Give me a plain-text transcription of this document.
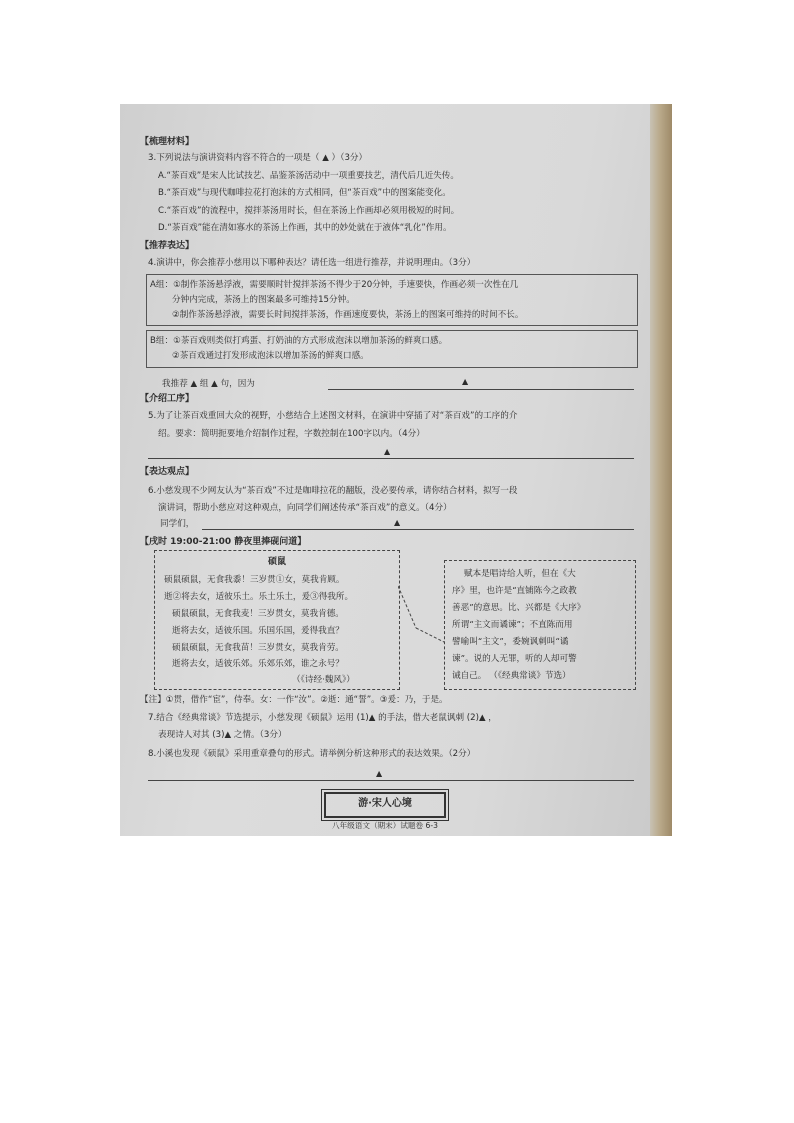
【梳理材料】
3.下列说法与演讲资料内容不符合的一项是（ ▲ ）（3分）
A.“茶百戏”是宋人比试技艺、品鉴茶汤活动中一项重要技艺，清代后几近失传。
B.“茶百戏”与现代咖啡拉花打泡沫的方式相同，但“茶百戏”中的图案能变化。
C.“茶百戏”的流程中，搅拌茶汤用时长，但在茶汤上作画却必须用极短的时间。
D.“茶百戏”能在清如寡水的茶汤上作画，其中的妙处就在于液体“乳化”作用。
【推荐表达】
4.演讲中，你会推荐小慈用以下哪种表达？请任选一组进行推荐，并说明理由。（3分）
A组：①制作茶汤悬浮液，需要顺时针搅拌茶汤不得少于20分钟，手速要快，作画必须一次性在几
分钟内完成，茶汤上的图案最多可维持15分钟。
②制作茶汤悬浮液，需要长时间搅拌茶汤，作画速度要快，茶汤上的图案可维持的时间不长。
B组：①茶百戏则类似打鸡蛋、打奶油的方式形成泡沫以增加茶汤的鲜爽口感。
②茶百戏通过打发形成泡沫以增加茶汤的鲜爽口感。
我推荐 ▲ 组 ▲ 句，因为	▲
【介绍工序】
5.为了让茶百戏重回大众的视野，小慈结合上述图文材料，在演讲中穿插了对“茶百戏”的工序的介
绍。要求：简明扼要地介绍制作过程，字数控制在100字以内。（4分）
▲
【表达观点】
6.小慈发现不少网友认为“茶百戏”不过是咖啡拉花的翻版，没必要传承，请你结合材料，拟写一段
演讲词，帮助小慈应对这种观点，向同学们阐述传承“茶百戏”的意义。（4分）
同学们，	▲
【戌时 19:00-21:00 静夜里捧砚问道】
硕鼠
硕鼠硕鼠，无食我黍！三岁贯①女，莫我肯顾。
逝②将去女，适彼乐土。乐土乐土，爰③得我所。
硕鼠硕鼠，无食我麦！三岁贯女，莫我肯德。
逝将去女，适彼乐国。乐国乐国，爰得我直？
硕鼠硕鼠，无食我苗！三岁贯女，莫我肯劳。
逝将去女，适彼乐郊。乐郊乐郊，谁之永号？
（《诗经·魏风》）
赋本是唱诗给人听，但在《大
序》里，也许是“直铺陈今之政教
善恶”的意思。比、兴都是《大序》
所谓“主文而谲谏”；不直陈而用
譬喻叫“主文”，委婉讽刺叫“谲
谏”。说的人无罪，听的人却可警
诫自己。 （《经典常谈》节选）
【注】①贯，借作“宦”，侍奉。女：一作“汝”。②逝：通“誓”。③爰：乃，于是。
7.结合《经典常谈》节选提示，小慈发现《硕鼠》运用 (1)▲ 的手法，借大老鼠讽刺 (2)▲ ，
表现诗人对其 (3)▲ 之情。（3分）
8.小溪也发现《硕鼠》采用重章叠句的形式。请举例分析这种形式的表达效果。（2分）
▲
游·宋人心境
八年级语文（期末）试题卷 6-3
